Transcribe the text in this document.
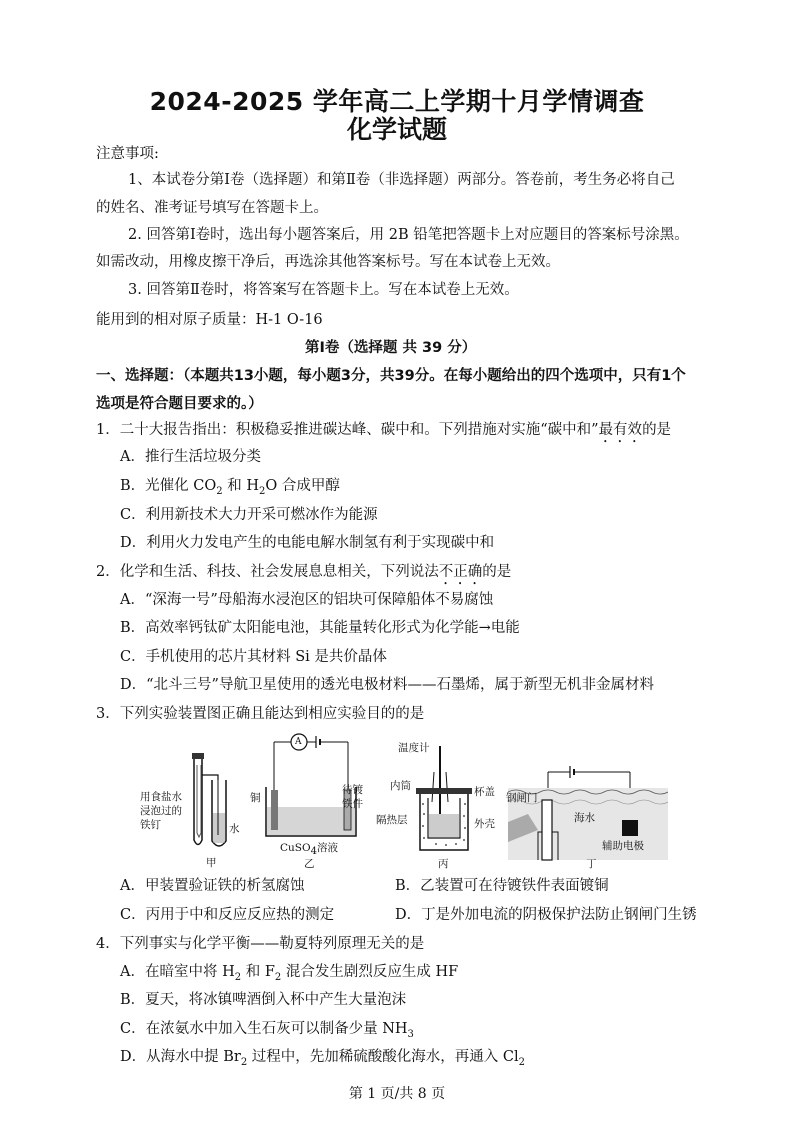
2024-2025 学年高二上学期十月学情调查
化学试题
注意事项:
1、本试卷分第Ⅰ卷（选择题）和第Ⅱ卷（非选择题）两部分。答卷前，考生务必将自己
的姓名、准考证号填写在答题卡上。
2. 回答第Ⅰ卷时，选出每小题答案后，用 2B 铅笔把答题卡上对应题目的答案标号涂黑。
如需改动，用橡皮擦干净后，再选涂其他答案标号。写在本试卷上无效。
3. 回答第Ⅱ卷时，将答案写在答题卡上。写在本试卷上无效。
能用到的相对原子质量：H-1 O-16
第Ⅰ卷（选择题 共 39 分）
一、选择题：（本题共13小题，每小题3分，共39分。在每小题给出的四个选项中，只有1个
选项是符合题目要求的。）
1．二十大报告指出：积极稳妥推进碳达峰、碳中和。下列措施对实施“碳中和”最有效的是
A．推行生活垃圾分类
B．光催化 $CO_2$ 和 $H_2O$ 合成甲醇
C．利用新技术大力开采可燃冰作为能源
D．利用火力发电产生的电能电解水制氢有利于实现碳中和
2．化学和生活、科技、社会发展息息相关，下列说法不正确的是
A．“深海一号”母船海水浸泡区的铝块可保障船体不易腐蚀
B．高效率钙钛矿太阳能电池，其能量转化形式为化学能→电能
C．手机使用的芯片其材料 Si 是共价晶体
D．“北斗三号”导航卫星使用的透光电极材料——石墨烯，属于新型无机非金属材料
3．下列实验装置图正确且能达到相应实验目的的是
用食盐水
浸泡过的
铁钉	水
甲
A
铜
待镀
铁件
CuSO$_4$溶液
乙
温度计
内筒	杯盖
隔热层	外壳
丙
钢闸门
海水
辅助电极
丁
A．甲装置验证铁的析氢腐蚀	B．乙装置可在待镀铁件表面镀铜
C．丙用于中和反应反应热的测定	D．丁是外加电流的阴极保护法防止钢闸门生锈
4．下列事实与化学平衡——勒夏特列原理无关的是
A．在暗室中将 $H_2$ 和 $F_2$ 混合发生剧烈反应生成 HF
B．夏天，将冰镇啤酒倒入杯中产生大量泡沫
C．在浓氨水中加入生石灰可以制备少量 $NH_3$
D．从海水中提 $Br_2$ 过程中，先加稀硫酸酸化海水，再通入 $Cl_2$
第 1 页/共 8 页
